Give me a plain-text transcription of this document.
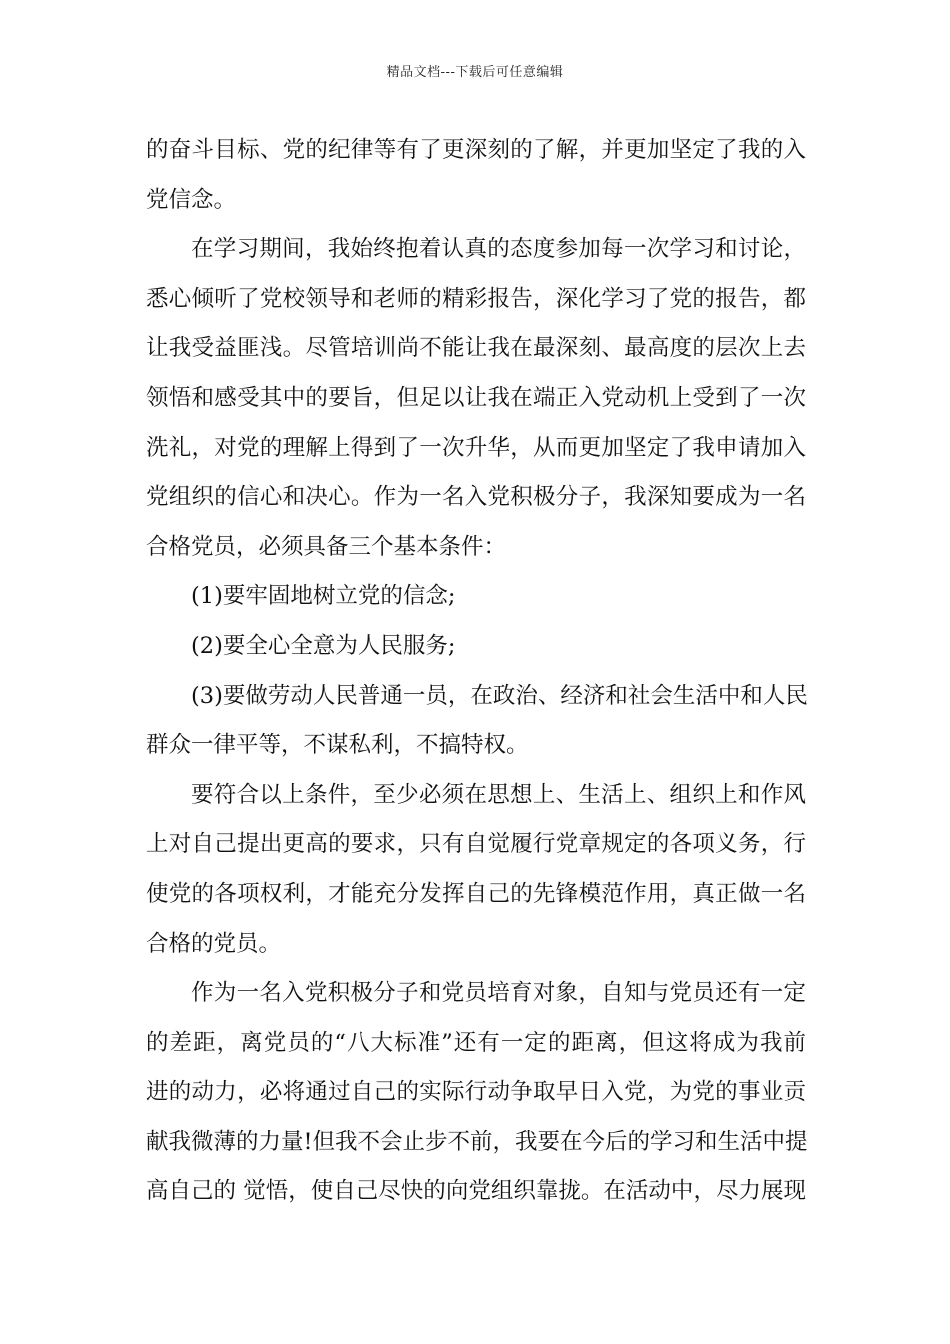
精品文档---下载后可任意编辑
的奋斗目标、党的纪律等有了更深刻的了解，并更加坚定了我的入
党信念。
在学习期间，我始终抱着认真的态度参加每一次学习和讨论，
悉心倾听了党校领导和老师的精彩报告，深化学习了党的报告，都
让我受益匪浅。尽管培训尚不能让我在最深刻、最高度的层次上去
领悟和感受其中的要旨，但足以让我在端正入党动机上受到了一次
洗礼，对党的理解上得到了一次升华，从而更加坚定了我申请加入
党组织的信心和决心。作为一名入党积极分子，我深知要成为一名
合格党员，必须具备三个基本条件：
(1)要牢固地树立党的信念;
(2)要全心全意为人民服务;
(3)要做劳动人民普通一员，在政治、经济和社会生活中和人民
群众一律平等，不谋私利，不搞特权。
要符合以上条件，至少必须在思想上、生活上、组织上和作风
上对自己提出更高的要求，只有自觉履行党章规定的各项义务，行
使党的各项权利，才能充分发挥自己的先锋模范作用，真正做一名
合格的党员。
作为一名入党积极分子和党员培育对象，自知与党员还有一定
的差距，离党员的“八大标准”还有一定的距离，但这将成为我前
进的动力，必将通过自己的实际行动争取早日入党，为党的事业贡
献我微薄的力量!但我不会止步不前，我要在今后的学习和生活中提
高自己的 觉悟，使自己尽快的向党组织靠拢。在活动中，尽力展现
